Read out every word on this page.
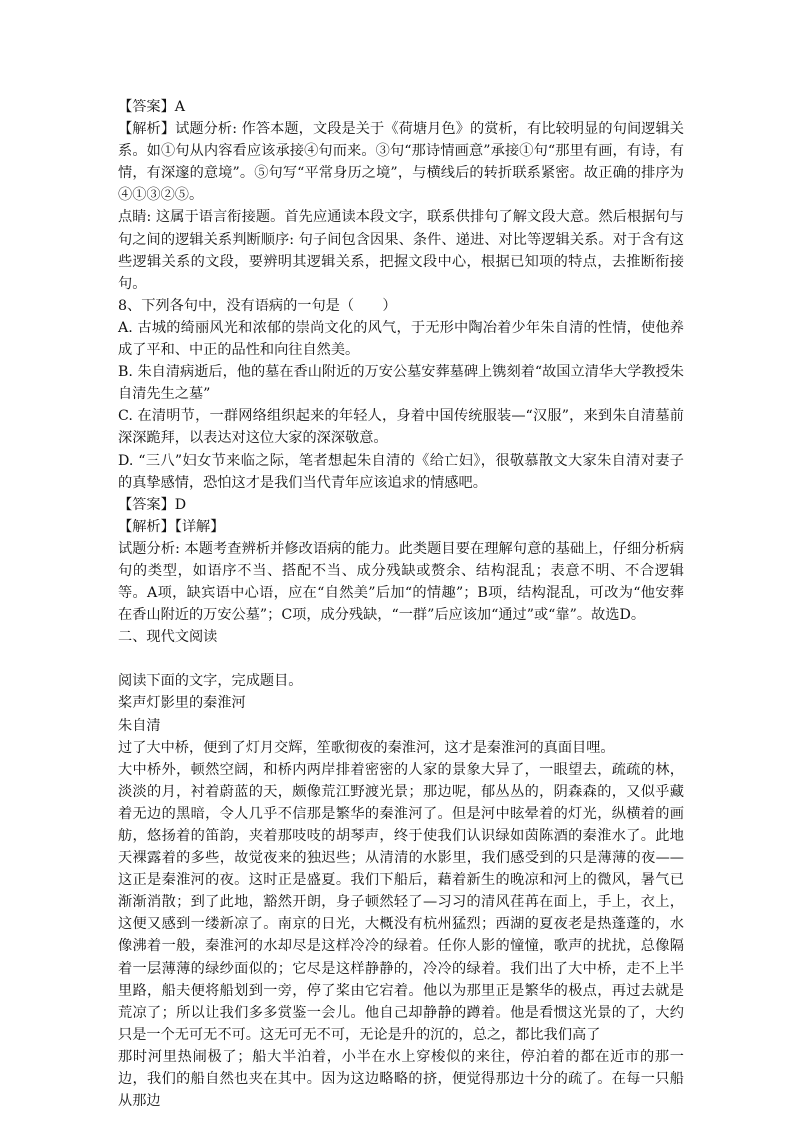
【答案】A
【解析】试题分析: 作答本题，文段是关于《荷塘月色》的赏析，有比较明显的句间逻辑关系。如①句从内容看应该承接④句而来。③句“那诗情画意”承接①句“那里有画，有诗，有情，有深邃的意境”。⑤句写“平常身历之境”，与横线后的转折联系紧密。故正确的排序为④①③②⑤。
点睛: 这属于语言衔接题。首先应通读本段文字，联系供排句了解文段大意。然后根据句与句之间的逻辑关系判断顺序: 句子间包含因果、条件、递进、对比等逻辑关系。对于含有这些逻辑关系的文段，要辨明其逻辑关系，把握文段中心，根据已知项的特点，去推断衔接句。
8、下列各句中，没有语病的一句是（　　）
A. 古城的绮丽风光和浓郁的崇尚文化的风气，于无形中陶冶着少年朱自清的性情，使他养成了平和、中正的品性和向往自然美。
B. 朱自清病逝后，他的墓在香山附近的万安公墓安葬墓碑上镌刻着“故国立清华大学教授朱自清先生之墓”
C. 在清明节，一群网络组织起来的年轻人，身着中国传统服装—“汉服”，来到朱自清墓前深深跪拜，以表达对这位大家的深深敬意。
D. “三八”妇女节来临之际，笔者想起朱自清的《给亡妇》，很敬慕散文大家朱自清对妻子的真挚感情，恐怕这才是我们当代青年应该追求的情感吧。
【答案】D
【解析】【详解】
试题分析: 本题考查辨析并修改语病的能力。此类题目要在理解句意的基础上，仔细分析病句的类型，如语序不当、搭配不当、成分残缺或赘余、结构混乱；表意不明、不合逻辑等。A项，缺宾语中心语，应在“自然美”后加“的情趣”；B项，结构混乱，可改为“他安葬在香山附近的万安公墓”；C项，成分残缺，“一群”后应该加“通过”或“靠”。故选D。
二、现代文阅读
阅读下面的文字，完成题目。
桨声灯影里的秦淮河
朱自清
过了大中桥，便到了灯月交辉，笙歌彻夜的秦淮河，这才是秦淮河的真面目哩。
大中桥外，顿然空阔，和桥内两岸排着密密的人家的景象大异了，一眼望去，疏疏的林，淡淡的月，衬着蔚蓝的天，颇像荒江野渡光景；那边呢，郁丛丛的，阴森森的，又似乎藏着无边的黑暗，令人几乎不信那是繁华的秦淮河了。但是河中眩晕着的灯光，纵横着的画舫，悠扬着的笛韵，夹着那吱吱的胡琴声，终于使我们认识绿如茵陈酒的秦淮水了。此地天裸露着的多些，故觉夜来的独迟些；从清清的水影里，我们感受到的只是薄薄的夜——这正是秦淮河的夜。这时正是盛夏。我们下船后，藉着新生的晚凉和河上的微风，暑气已渐渐消散；到了此地，豁然开朗，身子顿然轻了—习习的清风荏苒在面上，手上，衣上，这便又感到一缕新凉了。南京的日光，大概没有杭州猛烈；西湖的夏夜老是热蓬蓬的，水像沸着一般，秦淮河的水却尽是这样冷冷的绿着。任你人影的憧憧，歌声的扰扰，总像隔着一层薄薄的绿纱面似的；它尽是这样静静的，冷冷的绿着。我们出了大中桥，走不上半里路，船夫便将船划到一旁，停了桨由它宕着。他以为那里正是繁华的极点，再过去就是荒凉了；所以让我们多多赏鉴一会儿。他自己却静静的蹲着。他是看惯这光景的了，大约只是一个无可无不可。这无可无不可，无论是升的沉的，总之，都比我们高了
那时河里热闹极了；船大半泊着，小半在水上穿梭似的来往，停泊着的都在近市的那一边，我们的船自然也夹在其中。因为这边略略的挤，便觉得那边十分的疏了。在每一只船从那边
